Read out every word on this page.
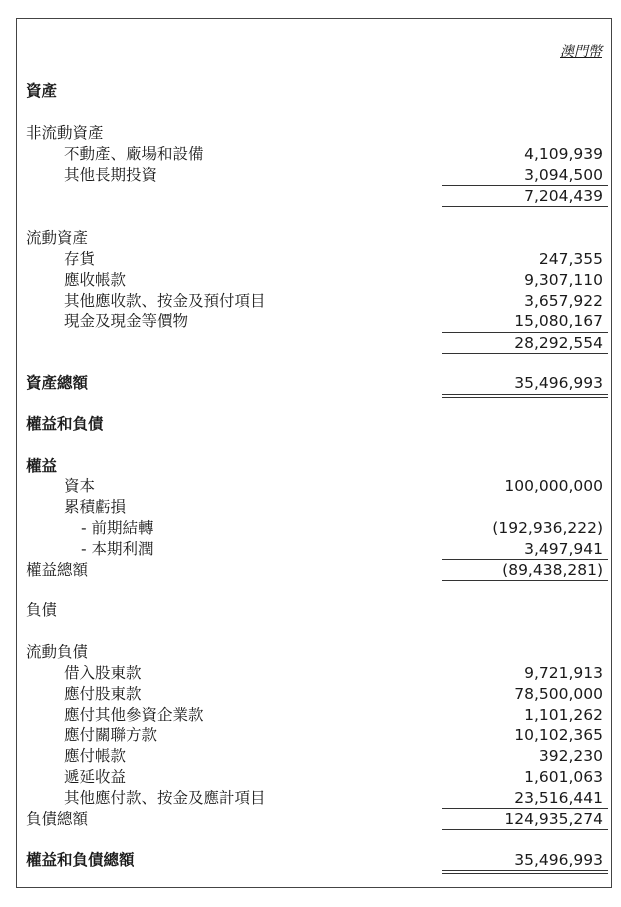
澳門幣
資產
非流動資產
不動產、廠場和設備	4,109,939
其他長期投資	3,094,500
7,204,439
流動資產
存貨	247,355
應收帳款	9,307,110
其他應收款、按金及預付項目	3,657,922
現金及現金等價物	15,080,167
28,292,554
資產總額	35,496,993
權益和負債
權益
資本	100,000,000
累積虧損
- 前期結轉	(192,936,222)
- 本期利潤	3,497,941
權益總額	(89,438,281)
負債
流動負債
借入股東款	9,721,913
應付股東款	78,500,000
應付其他參資企業款	1,101,262
應付關聯方款	10,102,365
應付帳款	392,230
遞延收益	1,601,063
其他應付款、按金及應計項目	23,516,441
負債總額	124,935,274
權益和負債總額	35,496,993
